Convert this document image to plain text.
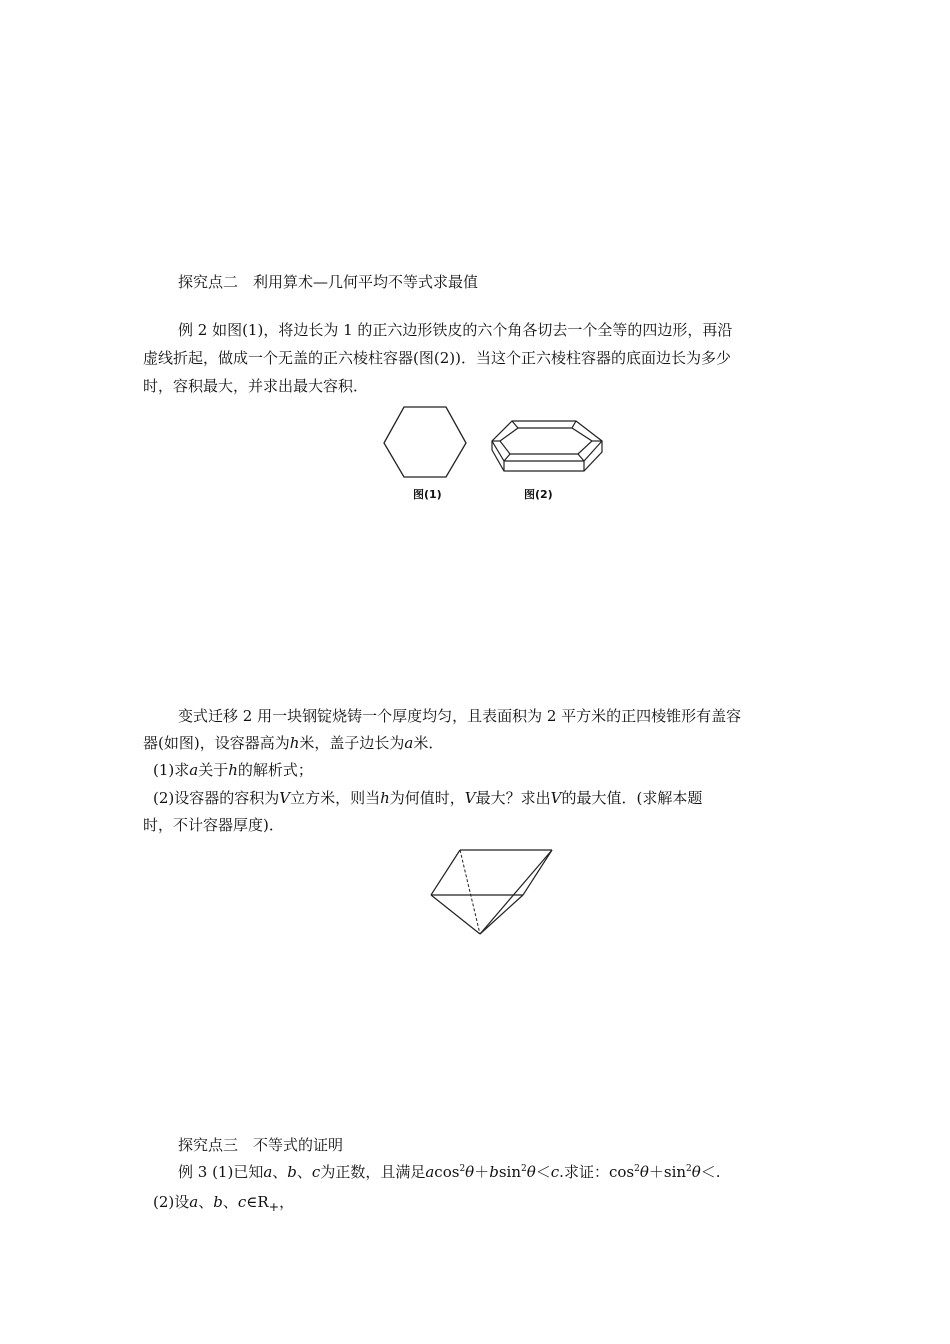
探究点二　利用算术—几何平均不等式求最值
例 2 如图(1)，将边长为 1 的正六边形铁皮的六个角各切去一个全等的四边形，再沿
虚线折起，做成一个无盖的正六棱柱容器(图(2))．当这个正六棱柱容器的底面边长为多少
时，容积最大，并求出最大容积．
图(1)	图(2)
变式迁移 2 用一块钢锭烧铸一个厚度均匀，且表面积为 2 平方米的正四棱锥形有盖容
器(如图)，设容器高为h米，盖子边长为a米．
(1)求a关于h的解析式；
(2)设容器的容积为V立方米，则当h为何值时，V最大？求出V的最大值．(求解本题
时，不计容器厚度)．
探究点三　不等式的证明
例 3 (1)已知a、b、c为正数，且满足acos$^2$θ＋bsin$^2$θ＜c.求证：$\cos^2\theta+\sin^2\theta<$.
(2)设a、b、$c\in R_+$，
